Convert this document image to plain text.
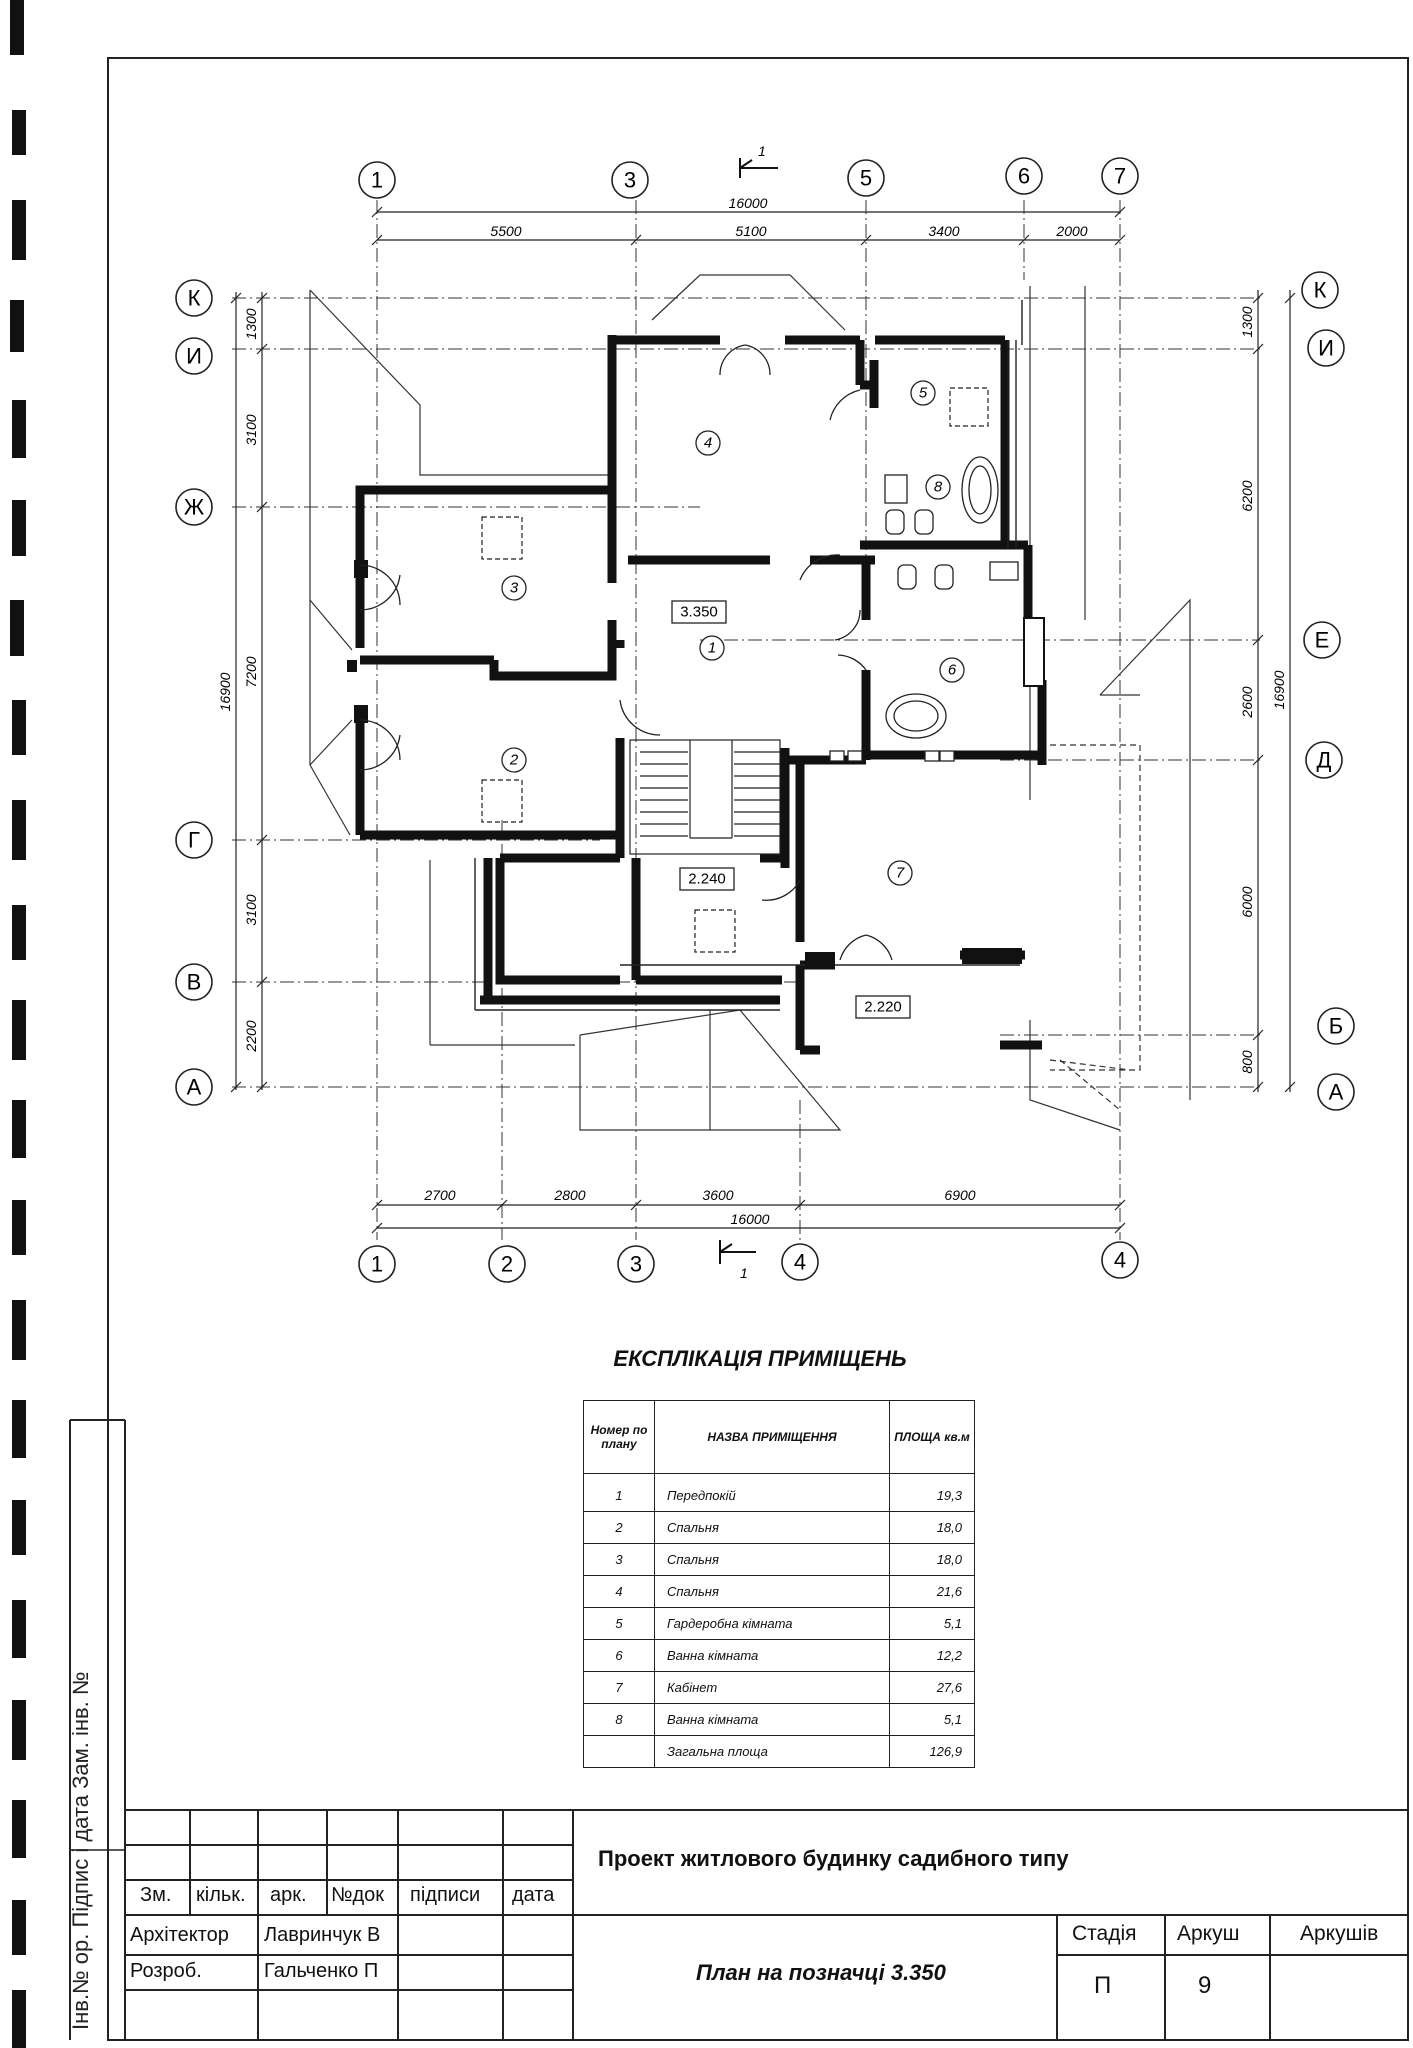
Інв.№ ор. Підпис і дата Зам. інв. №
16000
5500	5100	3400	2000
1	3	5	6	7
1
1
К
И
Ж
Г
В
А
16900
1300
3100
7200
3100
2200
К
И
Е
Д
Б
А
16900
1300
6200
2600
6000
800
1
2
3
4
5
6
7
8
3.350
2.240
2.220
2700	2800	3600	6900
16000
1	2	3	4	4
ЕКСПЛІКАЦІЯ ПРИМІЩЕНЬ
Номер по плану	НАЗВА ПРИМІЩЕННЯ	ПЛОЩА кв.м
1	Передпокій	19,3
2	Спальня	18,0
3	Спальня	18,0
4	Спальня	21,6
5	Гардеробна кімната	5,1
6	Ванна кімната	12,2
7	Кабінет	27,6
8	Ванна кімната	5,1
	Загальна площа	126,9
Зм. кільк. арк. №док підписи дата
Архітектор Лавринчук В
Розроб.	Гальченко П
Проект житлового будинку садибного типу
План на позначці 3.350
Стадія Аркуш	Аркушів
П	9
